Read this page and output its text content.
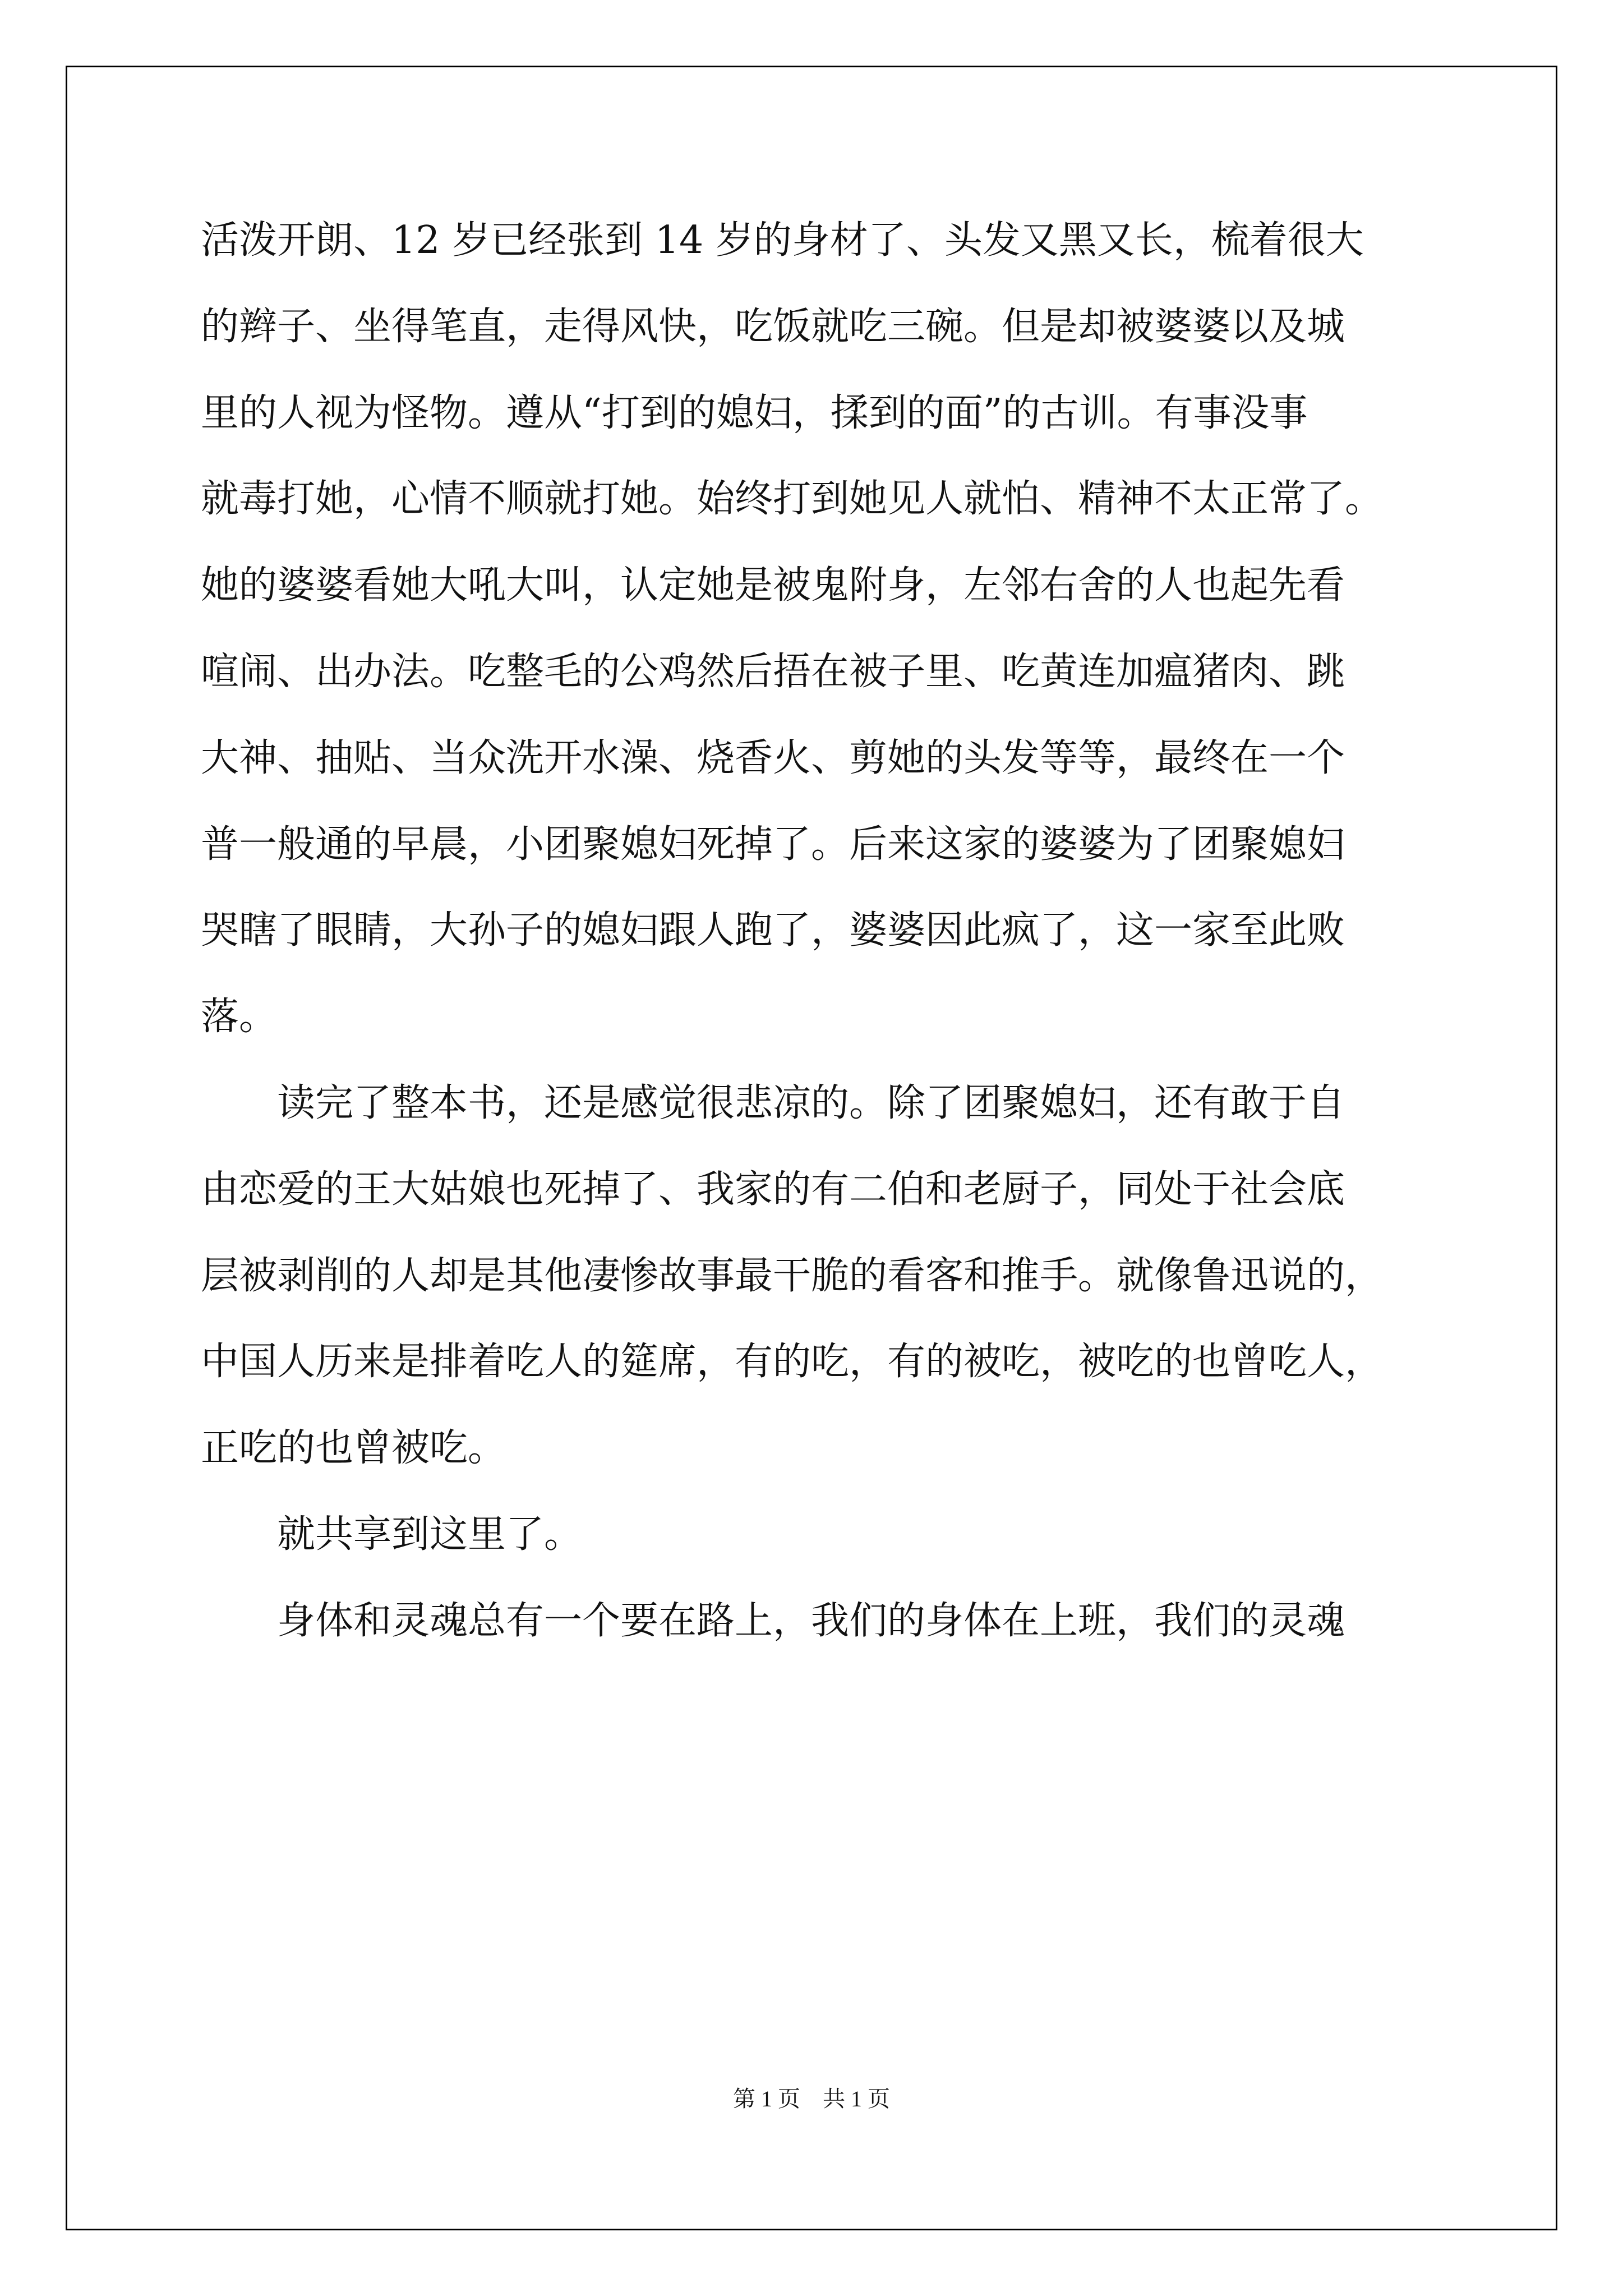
活泼开朗、12 岁已经张到 14 岁的身材了、头发又黑又长，梳着很大
的辫子、坐得笔直，走得风快，吃饭就吃三碗。但是却被婆婆以及城
里的人视为怪物。遵从“打到的媳妇，揉到的面”的古训。有事没事
就毒打她，心情不顺就打她。始终打到她见人就怕、精神不太正常了。
她的婆婆看她大吼大叫，认定她是被鬼附身，左邻右舍的人也起先看
喧闹、出办法。吃整毛的公鸡然后捂在被子里、吃黄连加瘟猪肉、跳
大神、抽贴、当众洗开水澡、烧香火、剪她的头发等等，最终在一个
普一般通的早晨，小团聚媳妇死掉了。后来这家的婆婆为了团聚媳妇
哭瞎了眼睛，大孙子的媳妇跟人跑了，婆婆因此疯了，这一家至此败
落。
　　读完了整本书，还是感觉很悲凉的。除了团聚媳妇，还有敢于自
由恋爱的王大姑娘也死掉了、我家的有二伯和老厨子，同处于社会底
层被剥削的人却是其他凄惨故事最干脆的看客和推手。就像鲁迅说的，
中国人历来是排着吃人的筵席，有的吃，有的被吃，被吃的也曾吃人，
正吃的也曾被吃。
　　就共享到这里了。
　　身体和灵魂总有一个要在路上，我们的身体在上班，我们的灵魂
第 1 页　共 1 页
